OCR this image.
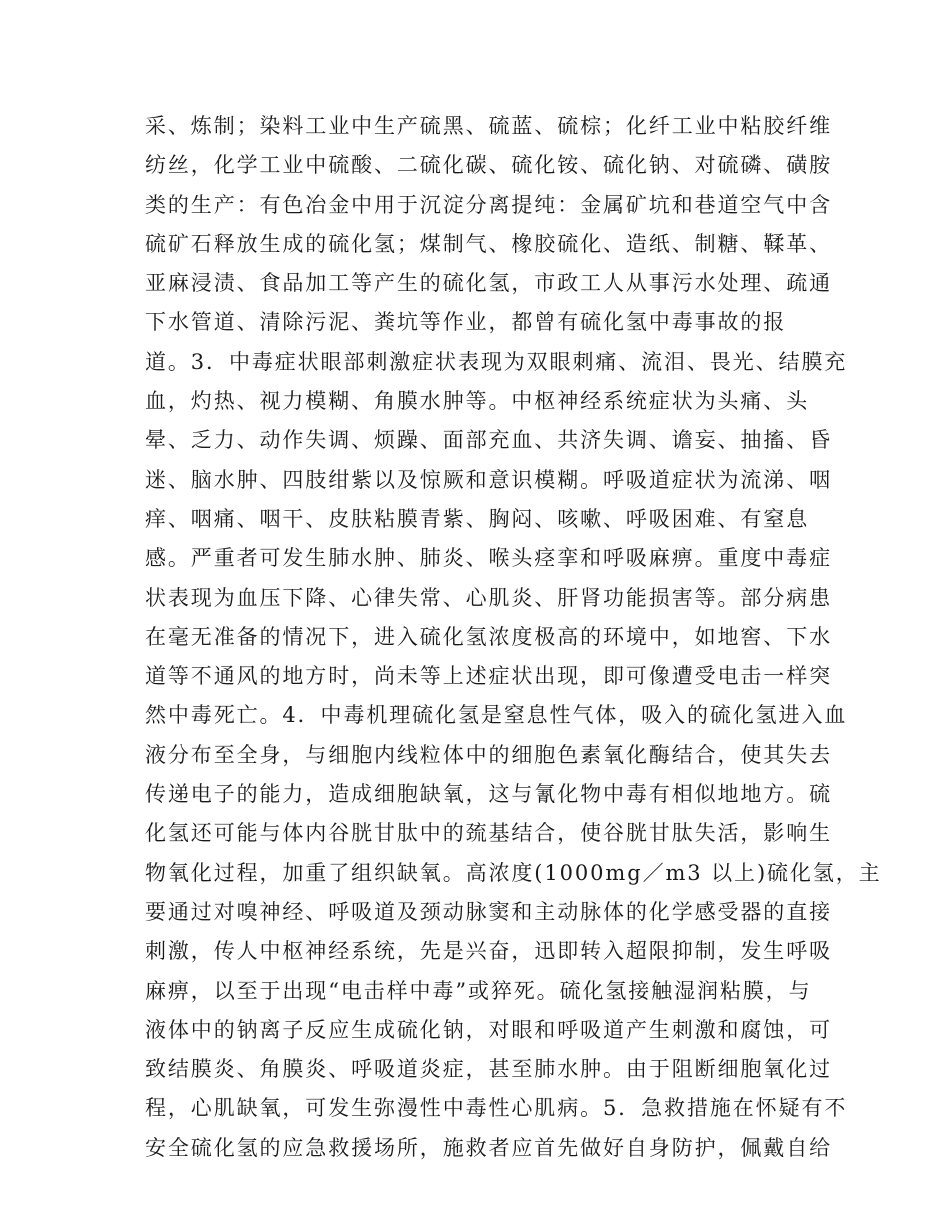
采、炼制；染料工业中生产硫黑、硫蓝、硫棕；化纤工业中粘胶纤维
纺丝，化学工业中硫酸、二硫化碳、硫化铵、硫化钠、对硫磷、磺胺
类的生产：有色冶金中用于沉淀分离提纯：金属矿坑和巷道空气中含
硫矿石释放生成的硫化氢；煤制气、橡胶硫化、造纸、制糖、鞣革、
亚麻浸渍、食品加工等产生的硫化氢，市政工人从事污水处理、疏通
下水管道、清除污泥、粪坑等作业，都曾有硫化氢中毒事故的报
道。3．中毒症状眼部刺激症状表现为双眼刺痛、流泪、畏光、结膜充
血，灼热、视力模糊、角膜水肿等。中枢神经系统症状为头痛、头
晕、乏力、动作失调、烦躁、面部充血、共济失调、谵妄、抽搐、昏
迷、脑水肿、四肢绀紫以及惊厥和意识模糊。呼吸道症状为流涕、咽
痒、咽痛、咽干、皮肤粘膜青紫、胸闷、咳嗽、呼吸困难、有窒息
感。严重者可发生肺水肿、肺炎、喉头痉挛和呼吸麻痹。重度中毒症
状表现为血压下降、心律失常、心肌炎、肝肾功能损害等。部分病患
在毫无准备的情况下，进入硫化氢浓度极高的环境中，如地窖、下水
道等不通风的地方时，尚未等上述症状出现，即可像遭受电击一样突
然中毒死亡。4．中毒机理硫化氢是窒息性气体，吸入的硫化氢进入血
液分布至全身，与细胞内线粒体中的细胞色素氧化酶结合，使其失去
传递电子的能力，造成细胞缺氧，这与氰化物中毒有相似地地方。硫
化氢还可能与体内谷胱甘肽中的巯基结合，使谷胱甘肽失活，影响生
物氧化过程，加重了组织缺氧。高浓度(1000mg／m3 以上)硫化氢，主
要通过对嗅神经、呼吸道及颈动脉窦和主动脉体的化学感受器的直接
刺激，传人中枢神经系统，先是兴奋，迅即转入超限抑制，发生呼吸
麻痹，以至于出现“电击样中毒”或猝死。硫化氢接触湿润粘膜，与
液体中的钠离子反应生成硫化钠，对眼和呼吸道产生刺激和腐蚀，可
致结膜炎、角膜炎、呼吸道炎症，甚至肺水肿。由于阻断细胞氧化过
程，心肌缺氧，可发生弥漫性中毒性心肌病。5．急救措施在怀疑有不
安全硫化氢的应急救援场所，施救者应首先做好自身防护，佩戴自给
